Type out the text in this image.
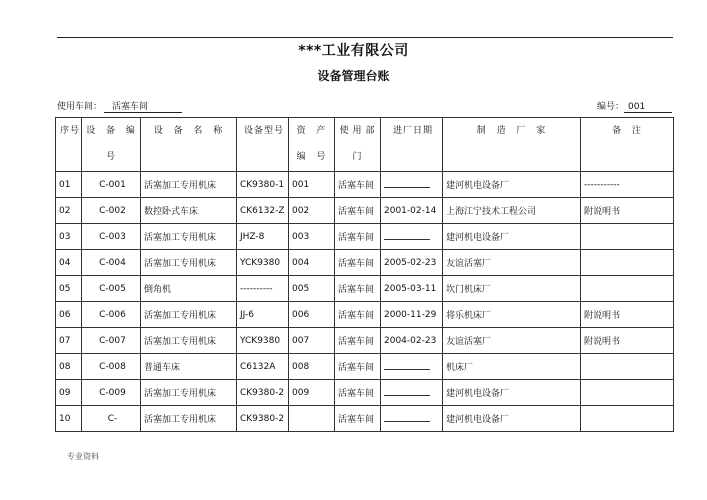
***工业有限公司
设备管理台账
使用车间： 活塞车间	编号： 001
序号	设 备 编 号	设 备 名 称	设备型号	资 产 编 号	使用部门	进厂日期	制 造 厂 家	备 注
01	C-001	活塞加工专用机床	CK9380-1	001	活塞车间		建河机电设备厂	-----------
02	C-002	数控卧式车床	CK6132-Z	002	活塞车间	2001-02-14	上海江宁技术工程公司	附说明书
03	C-003	活塞加工专用机床	JHZ-8	003	活塞车间		建河机电设备厂	
04	C-004	活塞加工专用机床	YCK9380	004	活塞车间	2005-02-23	友谊活塞厂	
05	C-005	倒角机	----------	005	活塞车间	2005-03-11	坎门机床厂	
06	C-006	活塞加工专用机床	JJ-6	006	活塞车间	2000-11-29	将乐机床厂	附说明书
07	C-007	活塞加工专用机床	YCK9380	007	活塞车间	2004-02-23	友谊活塞厂	附说明书
08	C-008	普通车床	C6132A	008	活塞车间		机床厂	
09	C-009	活塞加工专用机床	CK9380-2	009	活塞车间		建河机电设备厂	
10	C-	活塞加工专用机床	CK9380-2		活塞车间		建河机电设备厂	
专业资料
